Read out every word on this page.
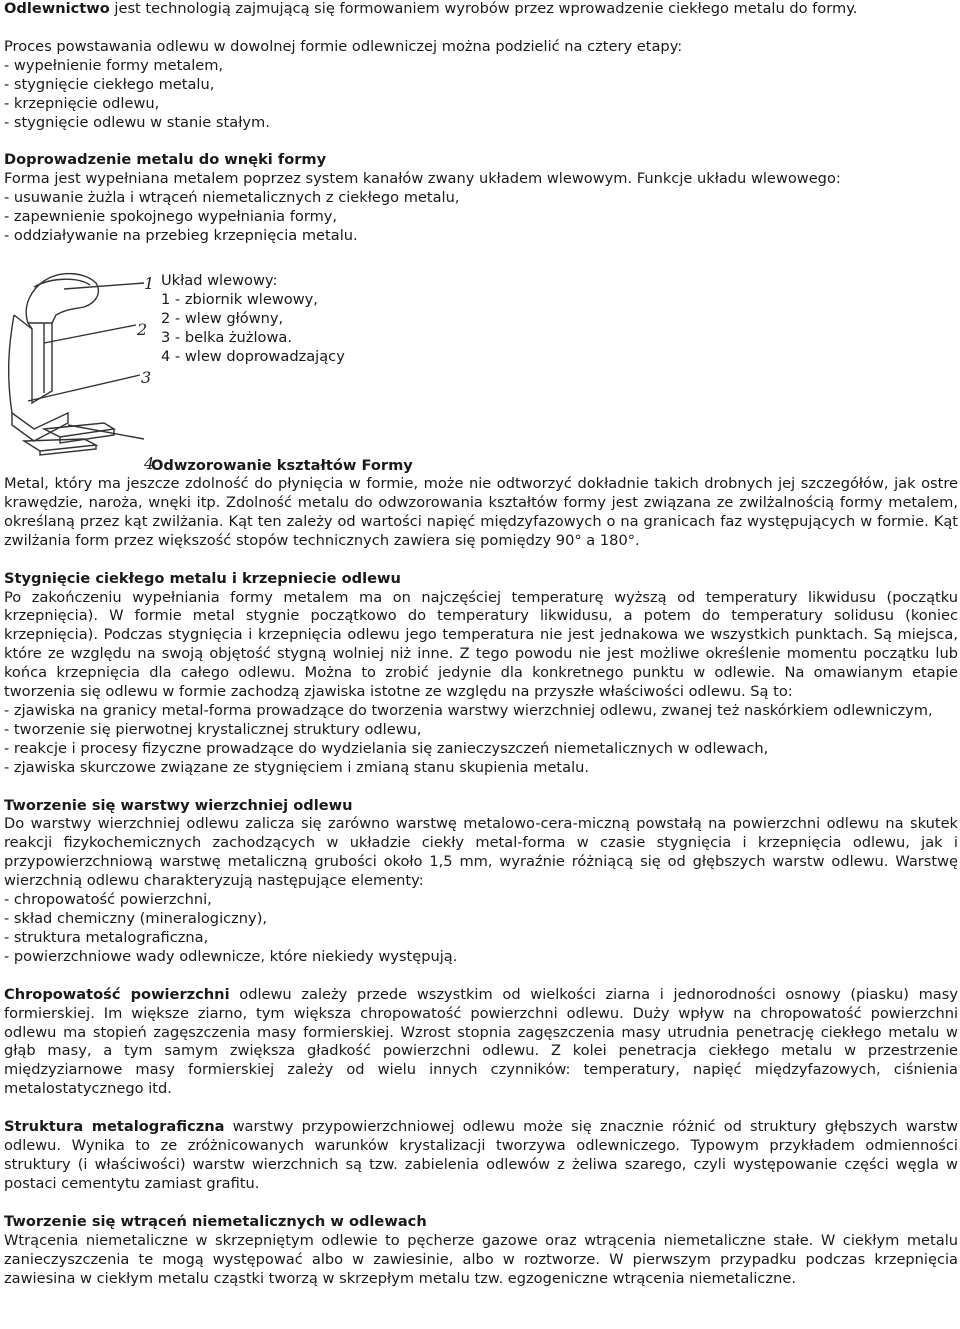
Odlewnictwo jest technologią zajmującą się formowaniem wyrobów przez wprowadzenie ciekłego metalu do formy.

Proces powstawania odlewu w dowolnej formie odlewniczej można podzielić na cztery etapy:

- wypełnienie formy metalem,
- stygnięcie ciekłego metalu,
- krzepnięcie odlewu,
- stygnięcie odlewu w stanie stałym.

Doprowadzenie metalu do wnęki formy

Forma jest wypełniana metalem poprzez system kanałów zwany układem wlewowym. Funkcje układu wlewowego:

- usuwanie żużla i wtrąceń niemetalicznych z ciekłego metalu,
- zapewnienie spokojnego wypełniania formy,
- oddziaływanie na przebieg krzepnięcia metalu.
1
2
3
4
Układ wlewowy:
1 - zbiornik wlewowy,
2 - wlew główny,
3 - belka żużlowa.
4 - wlew doprowadzający

Odwzorowanie kształtów Formy

Metal, który ma jeszcze zdolność do płynięcia w formie, może nie odtworzyć dokładnie takich drobnych jej szczegółów, jak ostre krawędzie, naroża, wnęki itp. Zdolność metalu do odwzorowania kształtów formy jest związana ze zwilżalnością formy metalem, określaną przez kąt zwilżania. Kąt ten zależy od wartości napięć międzyfazowych o na granicach faz występujących w formie. Kąt zwilżania form przez większość stopów technicznych zawiera się pomiędzy 90° a 180°.

Stygnięcie ciekłego metalu i krzepniecie odlewu

Po zakończeniu wypełniania formy metalem ma on najczęściej temperaturę wyższą od temperatury likwidusu (początku krzepnięcia). W formie metal stygnie początkowo do temperatury likwidusu, a potem do temperatury solidusu (koniec krzepnięcia). Podczas stygnięcia i krzepnięcia odlewu jego temperatura nie jest jednakowa we wszystkich punktach. Są miejsca, które ze względu na swoją objętość stygną wolniej niż inne. Z tego powodu nie jest możliwe określenie momentu początku lub końca krzepnięcia dla całego odlewu. Można to zrobić jedynie dla konkretnego punktu w odlewie. Na omawianym etapie tworzenia się odlewu w formie zachodzą zjawiska istotne ze względu na przyszłe właściwości odlewu. Są to:

- zjawiska na granicy metal-forma prowadzące do tworzenia warstwy wierzchniej odlewu, zwanej też naskórkiem odlewniczym,

- tworzenie się pierwotnej krystalicznej struktury odlewu,
- reakcje i procesy fizyczne prowadzące do wydzielania się zanieczyszczeń niemetalicznych w odlewach,
- zjawiska skurczowe związane ze stygnięciem i zmianą stanu skupienia metalu.

Tworzenie się warstwy wierzchniej odlewu

Do warstwy wierzchniej odlewu zalicza się zarówno warstwę metalowo-cera-miczną powstałą na powierzchni odlewu na skutek reakcji fizykochemicznych zachodzących w układzie ciekły metal-forma w czasie stygnięcia i krzepnięcia odlewu, jak i przypowierzchniową warstwę metaliczną grubości około 1,5 mm, wyraźnie różniącą się od głębszych warstw odlewu. Warstwę wierzchnią odlewu charakteryzują następujące elementy:

- chropowatość powierzchni,
- skład chemiczny (mineralogiczny),
- struktura metalograficzna,
- powierzchniowe wady odlewnicze, które niekiedy występują.

Chropowatość powierzchni odlewu zależy przede wszystkim od wielkości ziarna i jednorodności osnowy (piasku) masy formierskiej. Im większe ziarno, tym większa chropowatość powierzchni odlewu. Duży wpływ na chropowatość powierzchni odlewu ma stopień zagęszczenia masy formierskiej. Wzrost stopnia zagęszczenia masy utrudnia penetrację ciekłego metalu w głąb masy, a tym samym zwiększa gładkość powierzchni odlewu. Z kolei penetracja ciekłego metalu w przestrzenie międzyziarnowe masy formierskiej zależy od wielu innych czynników: temperatury, napięć międzyfazowych, ciśnienia metalostatycznego itd.

Struktura metalograficzna warstwy przypowierzchniowej odlewu może się znacznie różnić od struktury głębszych warstw odlewu. Wynika to ze zróżnicowanych warunków krystalizacji tworzywa odlewniczego. Typowym przykładem odmienności struktury (i właściwości) warstw wierzchnich są tzw. zabielenia odlewów z żeliwa szarego, czyli występowanie części węgla w postaci cementytu zamiast grafitu.

Tworzenie się wtrąceń niemetalicznych w odlewach

Wtrącenia niemetaliczne w skrzepniętym odlewie to pęcherze gazowe oraz wtrącenia niemetaliczne stałe. W ciekłym metalu zanieczyszczenia te mogą występować albo w zawiesinie, albo w roztworze. W pierwszym przypadku podczas krzepnięcia zawiesina w ciekłym metalu cząstki tworzą w skrzepłym metalu tzw. egzogeniczne wtrącenia niemetaliczne.
